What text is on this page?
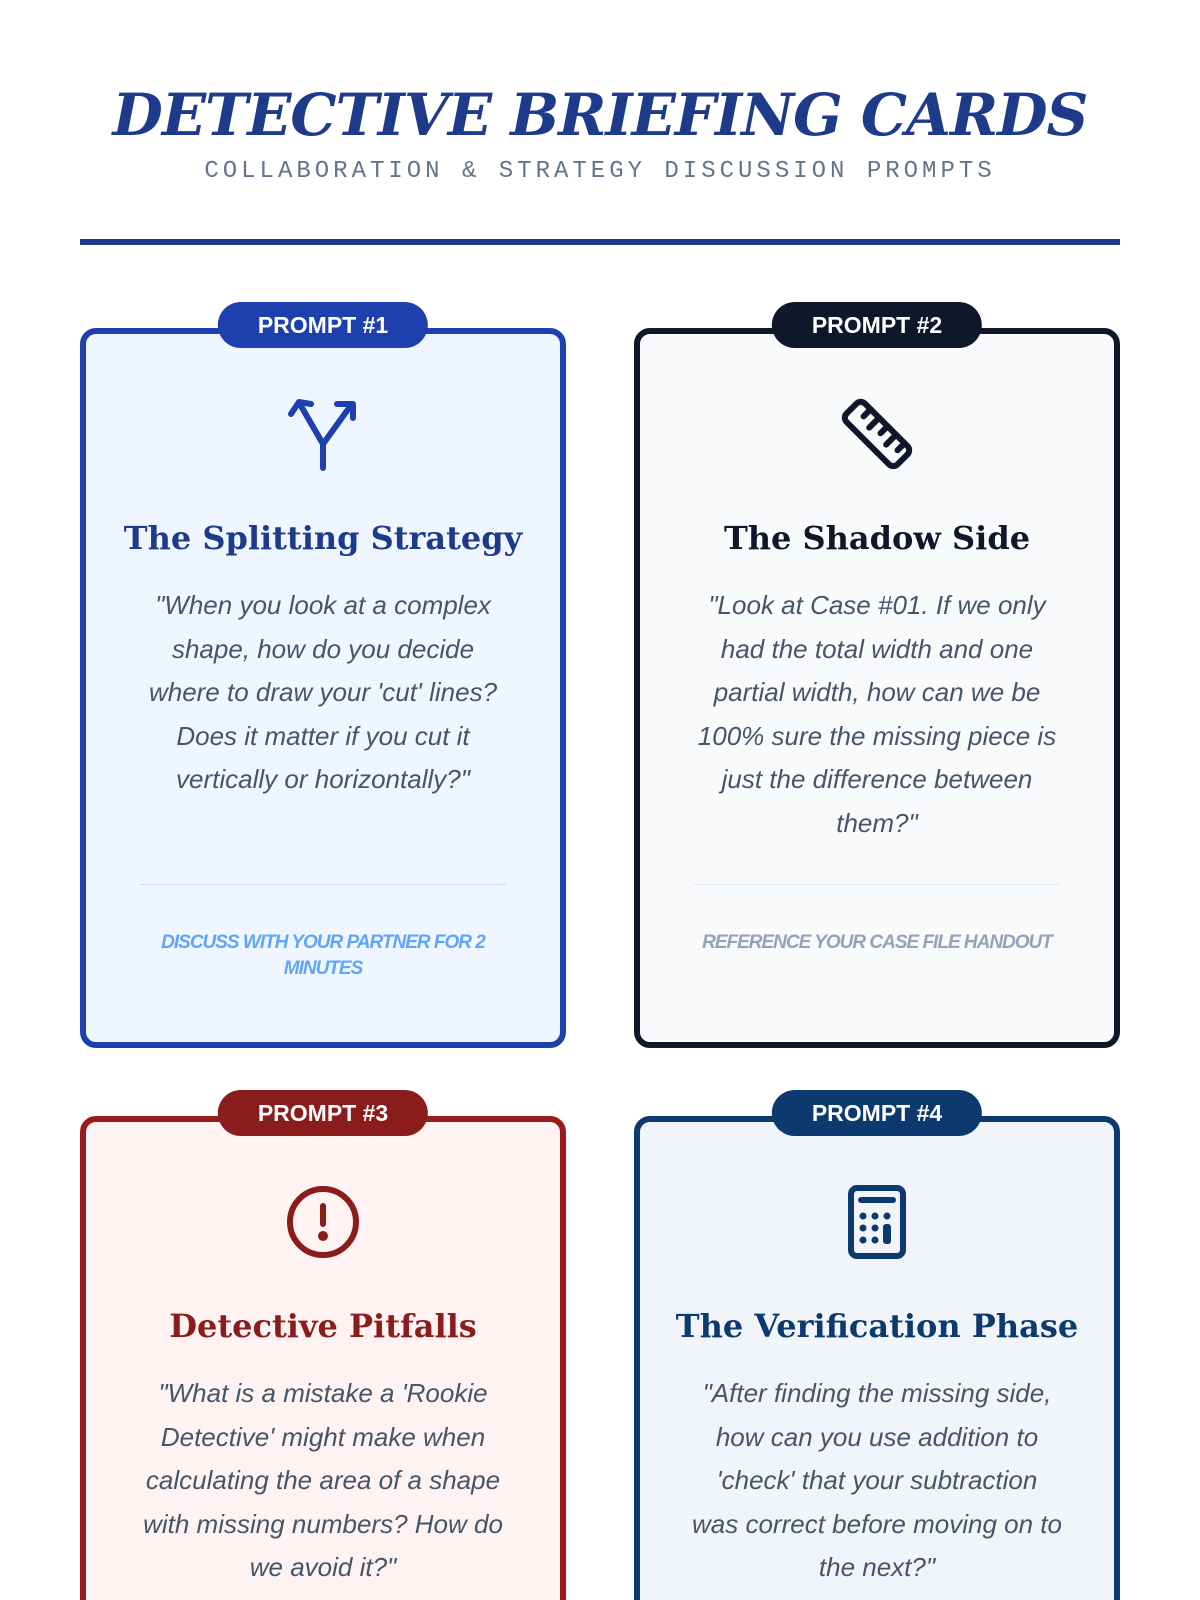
DETECTIVE BRIEFING CARDS
COLLABORATION & STRATEGY DISCUSSION PROMPTS
PROMPT #1
The Splitting Strategy
"When you look at a complex shape, how do you decide where to draw your 'cut' lines? Does it matter if you cut it vertically or horizontally?"
DISCUSS WITH YOUR PARTNER FOR 2 MINUTES
PROMPT #2
The Shadow Side
"Look at Case #01. If we only had the total width and one partial width, how can we be 100% sure the missing piece is just the difference between them?"
REFERENCE YOUR CASE FILE HANDOUT
PROMPT #3
Detective Pitfalls
"What is a mistake a 'Rookie Detective' might make when calculating the area of a shape with missing numbers? How do we avoid it?"
PROMPT #4
The Verification Phase
"After finding the missing side, how can you use addition to 'check' that your subtraction was correct before moving on to the next?"
